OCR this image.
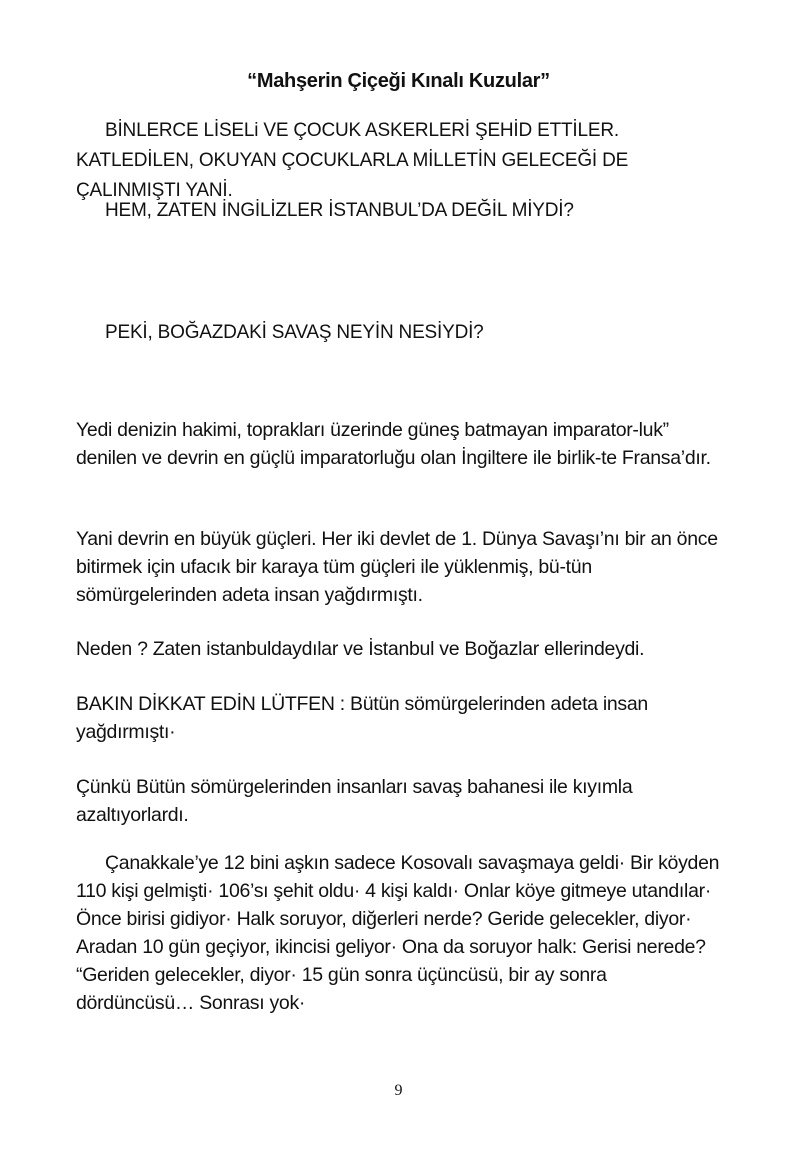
“Mahşerin Çiçeği Kınalı Kuzular”
BİNLERCE LİSELi VE ÇOCUK ASKERLERİ ŞEHİD ETTİLER. KATLEDİLEN, OKUYAN ÇOCUKLARLA MİLLETİN GELECEĞİ DE ÇALINMIŞTI YANİ.
HEM, ZATEN İNGİLİZLER İSTANBUL’DA DEĞİL MİYDİ?
PEKİ, BOĞAZDAKİ SAVAŞ NEYİN NESİYDİ?
Yedi denizin hakimi, toprakları üzerinde güneş batmayan imparator-luk” denilen ve devrin en güçlü imparatorluğu olan İngiltere ile birlik-te Fransa’dır.
Yani devrin en büyük güçleri. Her iki devlet de 1. Dünya Savaşı’nı bir an önce bitirmek için ufacık bir karaya tüm güçleri ile yüklenmiş, bü-tün sömürgelerinden adeta insan yağdırmıştı.
Neden ? Zaten istanbuldaydılar ve İstanbul ve Boğazlar ellerindeydi.
BAKIN DİKKAT EDİN LÜTFEN : Bütün sömürgelerinden adeta insan yağdırmıştı·
Çünkü Bütün sömürgelerinden insanları savaş bahanesi ile kıyımla azaltıyorlardı.
Çanakkale’ye 12 bini aşkın sadece Kosovalı savaşmaya geldi· Bir köyden 110 kişi gelmişti· 106’sı şehit oldu· 4 kişi kaldı· Onlar köye gitmeye utandılar· Önce birisi gidiyor· Halk soruyor, diğerleri nerde? Geride gelecekler, diyor· Aradan 10 gün geçiyor, ikincisi geliyor· Ona da soruyor halk: Gerisi nerede? “Geriden gelecekler, diyor· 15 gün sonra üçüncüsü, bir ay sonra dördüncüsü… Sonrası yok·
9
